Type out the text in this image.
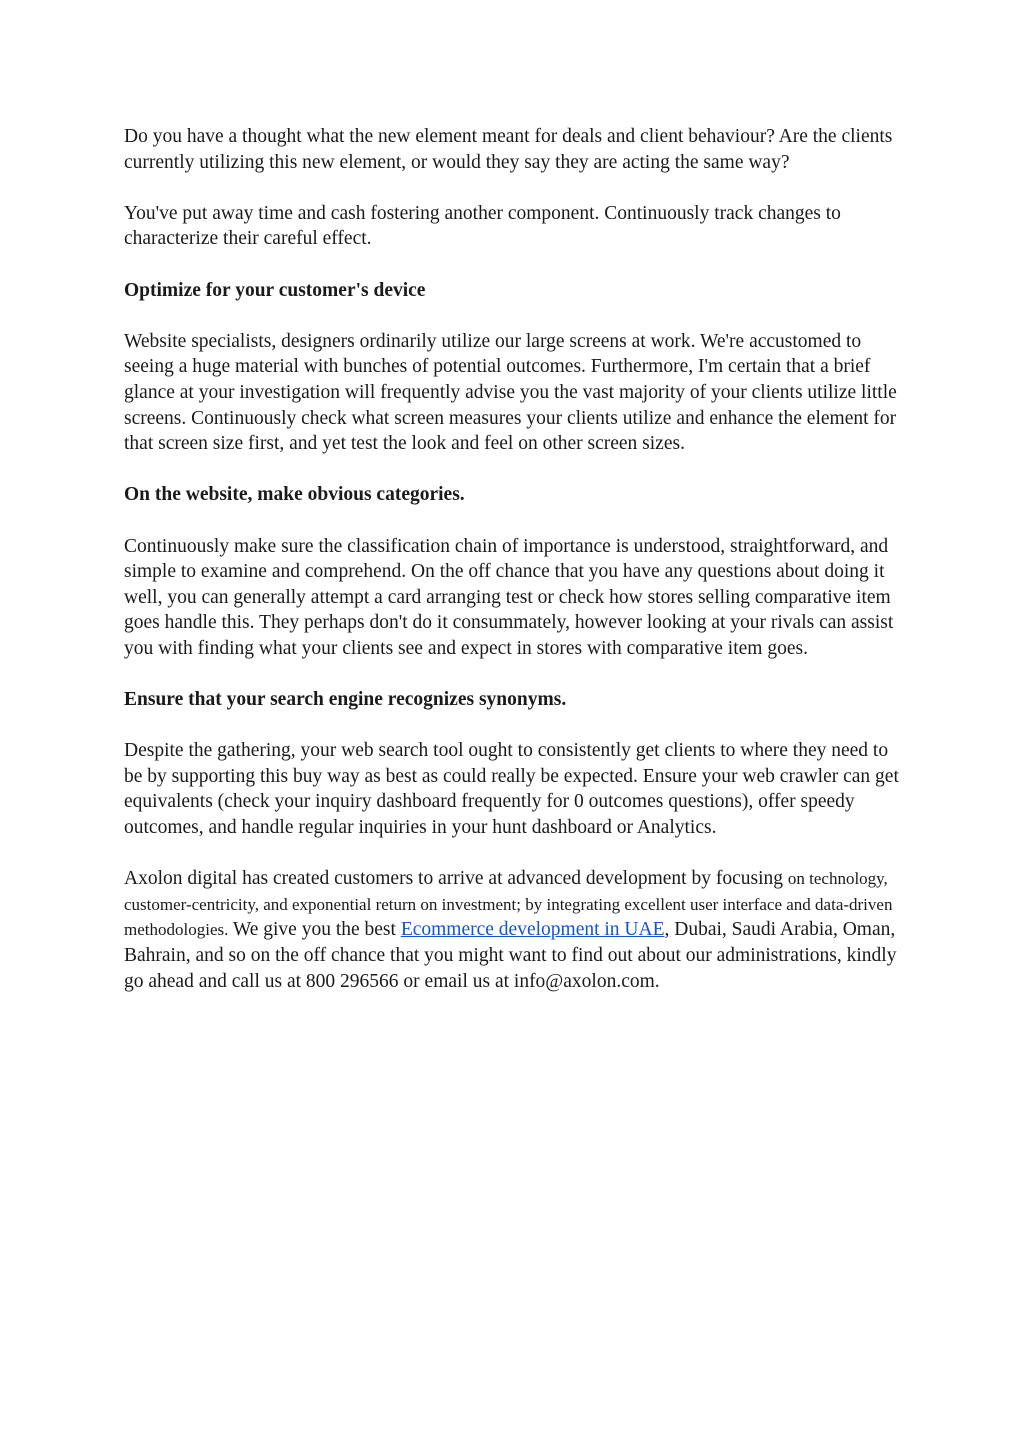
Do you have a thought what the new element meant for deals and client behaviour? Are the clients currently utilizing this new element, or would they say they are acting the same way?

You've put away time and cash fostering another component. Continuously track changes to characterize their careful effect.

Optimize for your customer's device

Website specialists, designers ordinarily utilize our large screens at work. We're accustomed to seeing a huge material with bunches of potential outcomes. Furthermore, I'm certain that a brief glance at your investigation will frequently advise you the vast majority of your clients utilize little screens. Continuously check what screen measures your clients utilize and enhance the element for that screen size first, and yet test the look and feel on other screen sizes.

On the website, make obvious categories.

Continuously make sure the classification chain of importance is understood, straightforward, and simple to examine and comprehend. On the off chance that you have any questions about doing it well, you can generally attempt a card arranging test or check how stores selling comparative item goes handle this. They perhaps don't do it consummately, however looking at your rivals can assist you with finding what your clients see and expect in stores with comparative item goes.

Ensure that your search engine recognizes synonyms.

Despite the gathering, your web search tool ought to consistently get clients to where they need to be by supporting this buy way as best as could really be expected. Ensure your web crawler can get equivalents (check your inquiry dashboard frequently for 0 outcomes questions), offer speedy outcomes, and handle regular inquiries in your hunt dashboard or Analytics.

Axolon digital has created customers to arrive at advanced development by focusing on technology, customer-centricity, and exponential return on investment; by integrating excellent user interface and data-driven methodologies. We give you the best Ecommerce development in UAE, Dubai, Saudi Arabia, Oman, Bahrain, and so on the off chance that you might want to find out about our administrations, kindly go ahead and call us at 800 296566 or email us at info@axolon.com.
